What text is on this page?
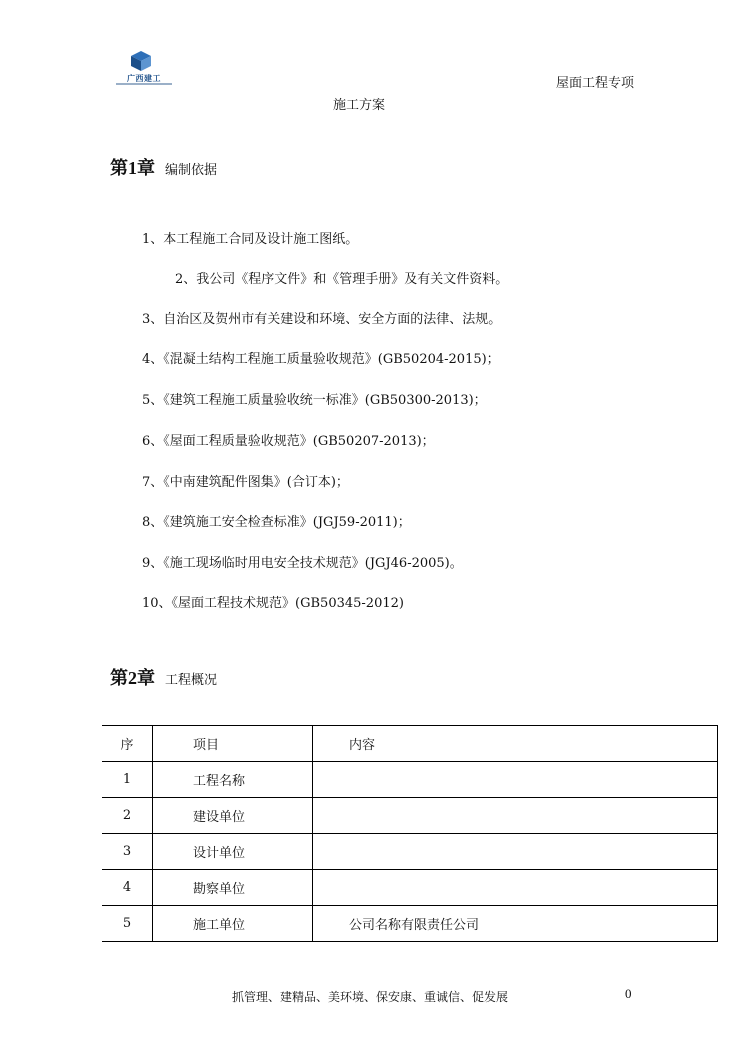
广西建工	屋面工程专项
施工方案
第1章 编制依据
1、本工程施工合同及设计施工图纸。
2、我公司《程序文件》和《管理手册》及有关文件资料。
3、自治区及贺州市有关建设和环境、安全方面的法律、法规。
4、《混凝土结构工程施工质量验收规范》(GB50204-2015)；
5、《建筑工程施工质量验收统一标准》(GB50300-2013)；
6、《屋面工程质量验收规范》(GB50207-2013)；
7、《中南建筑配件图集》(合订本)；
8、《建筑施工安全检查标准》(JGJ59-2011)；
9、《施工现场临时用电安全技术规范》(JGJ46-2005)。
10、《屋面工程技术规范》(GB50345-2012)
第2章 工程概况
序	项目	内容
1	工程名称	
2	建设单位	
3	设计单位	
4	勘察单位	
5	施工单位	公司名称有限责任公司
抓管理、建精品、美环境、保安康、重诚信、促发展	0
